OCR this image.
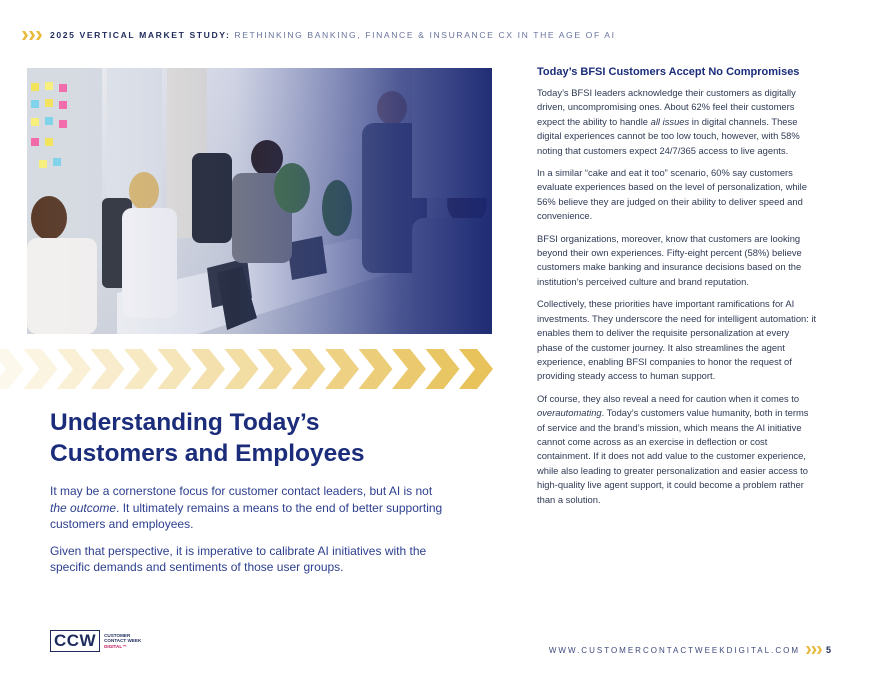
2025 VERTICAL MARKET STUDY: RETHINKING BANKING, FINANCE & INSURANCE CX IN THE AGE OF AI
Understanding Today’s
Customers and Employees

It may be a cornerstone focus for customer contact leaders, but AI is not the outcome. It ultimately remains a means to the end of better supporting customers and employees.

Given that perspective, it is imperative to calibrate AI initiatives with the specific demands and sentiments of those user groups.

Today’s BFSI Customers Accept No Compromises

Today’s BFSI leaders acknowledge their customers as digitally driven, uncompromising ones. About 62% feel their customers expect the ability to handle all issues in digital channels. These digital experiences cannot be too low touch, however, with 58% noting that customers expect 24/7/365 access to live agents.

In a similar “cake and eat it too” scenario, 60% say customers evaluate experiences based on the level of personalization, while 56% believe they are judged on their ability to deliver speed and convenience.

BFSI organizations, moreover, know that customers are looking beyond their own experiences. Fifty-eight percent (58%) believe customers make banking and insurance decisions based on the institution’s perceived culture and brand reputation.

Collectively, these priorities have important ramifications for AI investments. They underscore the need for intelligent automation: it enables them to deliver the requisite personalization at every phase of the customer journey. It also streamlines the agent experience, enabling BFSI companies to honor the request of providing steady access to human support.

Of course, they also reveal a need for caution when it comes to overautomating. Today’s customers value humanity, both in terms of service and the brand’s mission, which means the AI initiative cannot come across as an exercise in deflection or cost containment. If it does not add value to the customer experience, while also leading to greater personalization and easier access to high-quality live agent support, it could become a problem rather than a solution.

CCW	CUSTOMER
CONTACT WEEK
DIGITAL™	WWW.CUSTOMERCONTACTWEEKDIGITAL.COM	5
